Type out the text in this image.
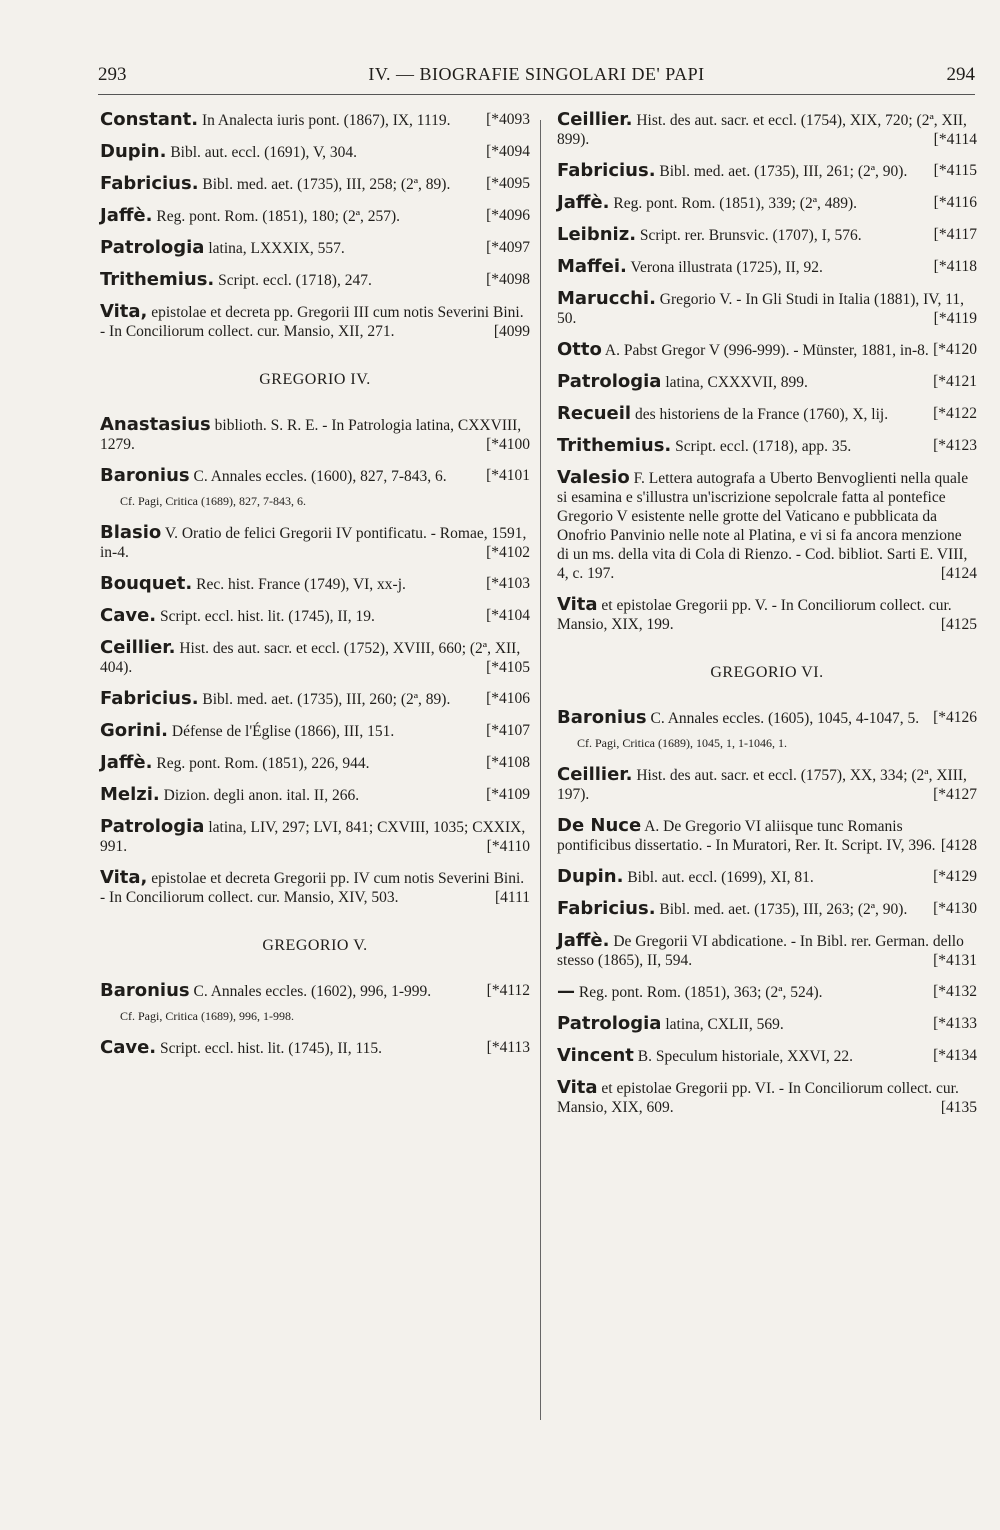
293	IV. — BIOGRAFIE SINGOLARI DE' PAPI	294
Constant. In Analecta iuris pont. (1867), IX, 1119. [*4093
Dupin. Bibl. aut. eccl. (1691), V, 304.	[*4094
Fabricius. Bibl. med. aet. (1735), III, 258; (2ª, 89). [*4095
Jaffè. Reg. pont. Rom. (1851), 180; (2ª, 257).	[*4096
Patrologia latina, LXXXIX, 557.	[*4097
Trithemius. Script. eccl. (1718), 247.	[*4098
Vita, epistolae et decreta pp. Gregorii III cum notis Severini Bini. - In Conciliorum collect. cur. Mansio, XII, 271.	[4099
GREGORIO IV.
Anastasius biblioth. S. R. E. - In Patrologia latina, CXXVIII, 1279.	[*4100
Baronius C. Annales eccles. (1600), 827, 7-843, 6.	[*4101
Cf. Pagi, Critica (1689), 827, 7-843, 6.
Blasio V. Oratio de felici Gregorii IV pontificatu. - Romae, 1591, in-4.	[*4102
Bouquet. Rec. hist. France (1749), VI, xx-j.	[*4103
Cave. Script. eccl. hist. lit. (1745), II, 19.	[*4104
Ceillier. Hist. des aut. sacr. et eccl. (1752), XVIII, 660; (2ª, XII, 404).	[*4105
Fabricius. Bibl. med. aet. (1735), III, 260; (2ª, 89). [*4106
Gorini. Défense de l'Église (1866), III, 151.	[*4107
Jaffè. Reg. pont. Rom. (1851), 226, 944.	[*4108
Melzi. Dizion. degli anon. ital. II, 266.	[*4109
Patrologia latina, LIV, 297; LVI, 841; CXVIII, 1035; CXXIX, 991.	[*4110
Vita, epistolae et decreta Gregorii pp. IV cum notis Severini Bini. - In Conciliorum collect. cur. Mansio, XIV, 503.	[4111
GREGORIO V.
Baronius C. Annales eccles. (1602), 996, 1-999.	[*4112
Cf. Pagi, Critica (1689), 996, 1-998.
Cave. Script. eccl. hist. lit. (1745), II, 115.	[*4113
Ceillier. Hist. des aut. sacr. et eccl. (1754), XIX, 720; (2ª, XII, 899).	[*4114
Fabricius. Bibl. med. aet. (1735), III, 261; (2ª, 90). [*4115
Jaffè. Reg. pont. Rom. (1851), 339; (2ª, 489).	[*4116
Leibniz. Script. rer. Brunsvic. (1707), I, 576.	[*4117
Maffei. Verona illustrata (1725), II, 92.	[*4118
Marucchi. Gregorio V. - In Gli Studi in Italia (1881), IV, 11, 50.	[*4119
Otto A. Pabst Gregor V (996-999). - Münster, 1881, in-8. [*4120
Patrologia latina, CXXXVII, 899.	[*4121
Recueil des historiens de la France (1760), X, lij.	[*4122
Trithemius. Script. eccl. (1718), app. 35.	[*4123
Valesio F. Lettera autografa a Uberto Benvoglienti nella quale si esamina e s'illustra un'iscrizione sepolcrale fatta al pontefice Gregorio V esistente nelle grotte del Vaticano e pubblicata da Onofrio Panvinio nelle note al Platina, e vi si fa ancora menzione di un ms. della vita di Cola di Rienzo. - Cod. bibliot. Sarti E. VIII, 4, c. 197.	[4124
Vita et epistolae Gregorii pp. V. - In Conciliorum collect. cur. Mansio, XIX, 199.	[4125
GREGORIO VI.
Baronius C. Annales eccles. (1605), 1045, 4-1047, 5. [*4126
Cf. Pagi, Critica (1689), 1045, 1, 1-1046, 1.
Ceillier. Hist. des aut. sacr. et eccl. (1757), XX, 334; (2ª, XIII, 197).	[*4127
De Nuce A. De Gregorio VI aliisque tunc Romanis pontificibus dissertatio. - In Muratori, Rer. It. Script. IV, 396. [4128
Dupin. Bibl. aut. eccl. (1699), XI, 81.	[*4129
Fabricius. Bibl. med. aet. (1735), III, 263; (2ª, 90). [*4130
Jaffè. De Gregorii VI abdicatione. - In Bibl. rer. German. dello stesso (1865), II, 594.	[*4131
— Reg. pont. Rom. (1851), 363; (2ª, 524).	[*4132
Patrologia latina, CXLII, 569.	[*4133
Vincent B. Speculum historiale, XXVI, 22.	[*4134
Vita et epistolae Gregorii pp. VI. - In Conciliorum collect. cur. Mansio, XIX, 609.	[4135
